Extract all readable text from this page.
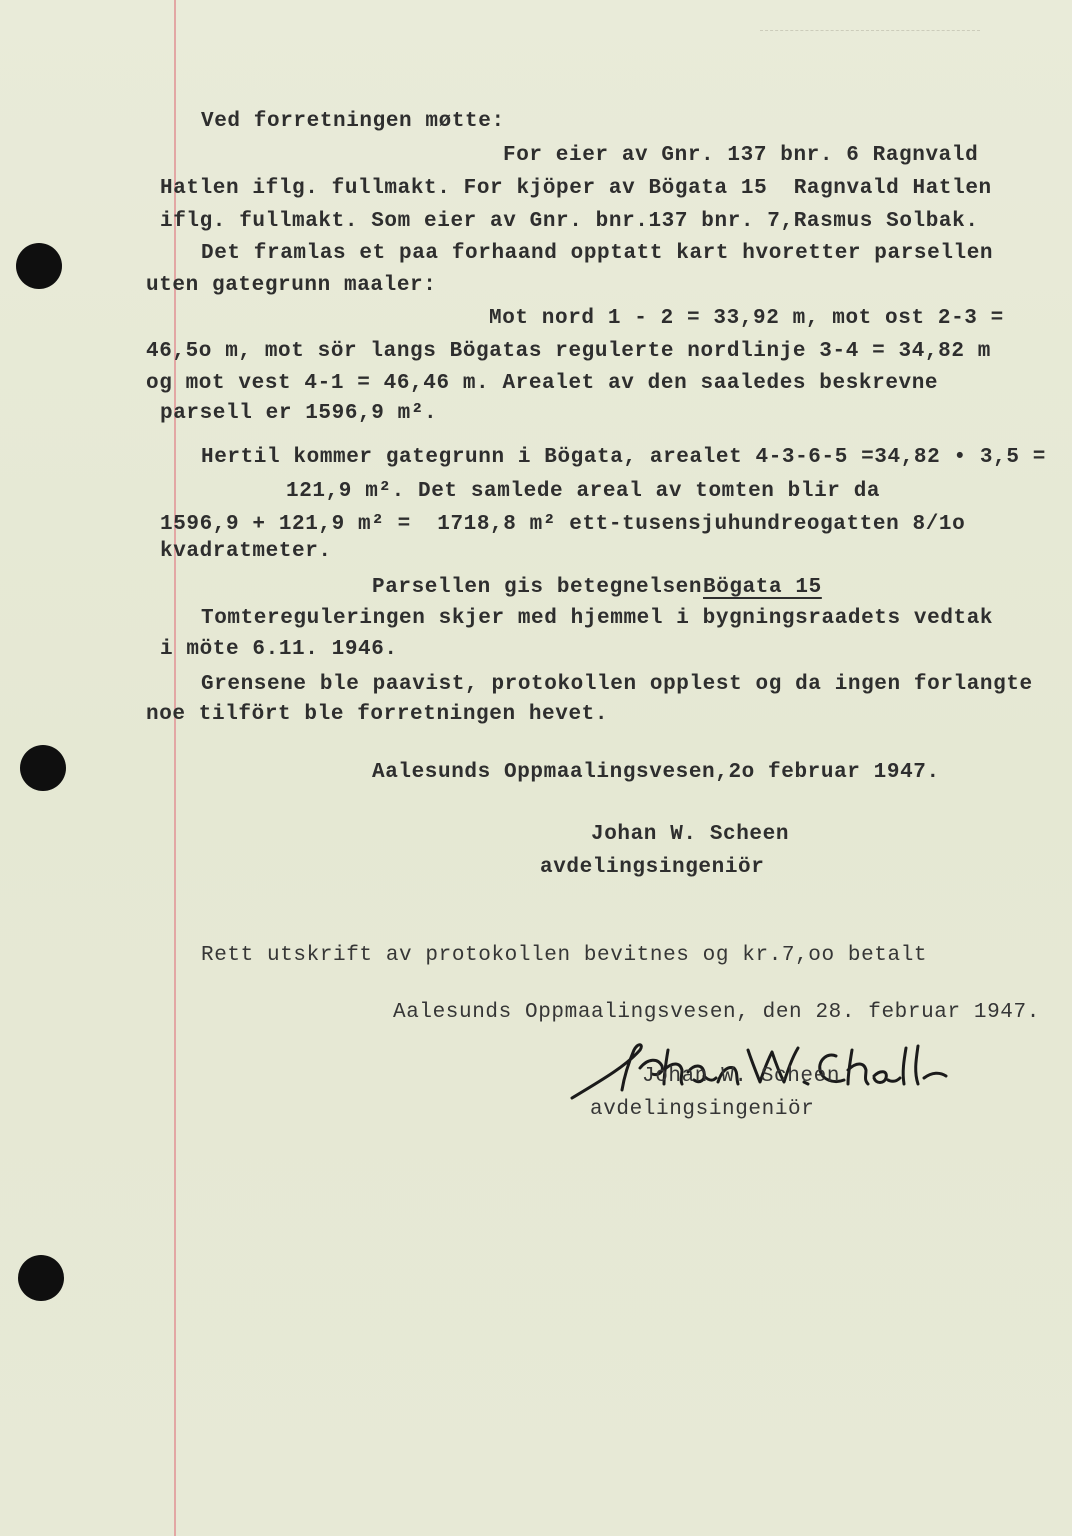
Ved forretningen møtte:
For eier av Gnr. 137 bnr. 6 Ragnvald
Hatlen iflg. fullmakt. For kjöper av Bögata 15  Ragnvald Hatlen
iflg. fullmakt. Som eier av Gnr. bnr.137 bnr. 7,Rasmus Solbak.
Det framlas et paa forhaand opptatt kart hvoretter parsellen
uten gategrunn maaler:
Mot nord 1 - 2 = 33,92 m, mot ost 2-3 =
46,5o m, mot sör langs Bögatas regulerte nordlinje 3-4 = 34,82 m
og mot vest 4-1 = 46,46 m. Arealet av den saaledes beskrevne
parsell er 1596,9 m².
Hertil kommer gategrunn i Bögata, arealet 4-3-6-5 =34,82 • 3,5 =
121,9 m². Det samlede areal av tomten blir da
1596,9 + 121,9 m² =  1718,8 m² ett-tusensjuhundreogatten 8/1o
kvadratmeter.
Parsellen gis betegnelsen Bögata 15
Tomtereguleringen skjer med hjemmel i bygningsraadets vedtak
i möte 6.11. 1946.
Grensene ble paavist, protokollen opplest og da ingen forlangte
noe tilfört ble forretningen hevet.
Aalesunds Oppmaalingsvesen,2o februar 1947.
Johan W. Scheen
avdelingsingeniör
Rett utskrift av protokollen bevitnes og kr.7,oo betalt
Aalesunds Oppmaalingsvesen, den 28. februar 1947.
Johan W. Scheen
avdelingsingeniör
